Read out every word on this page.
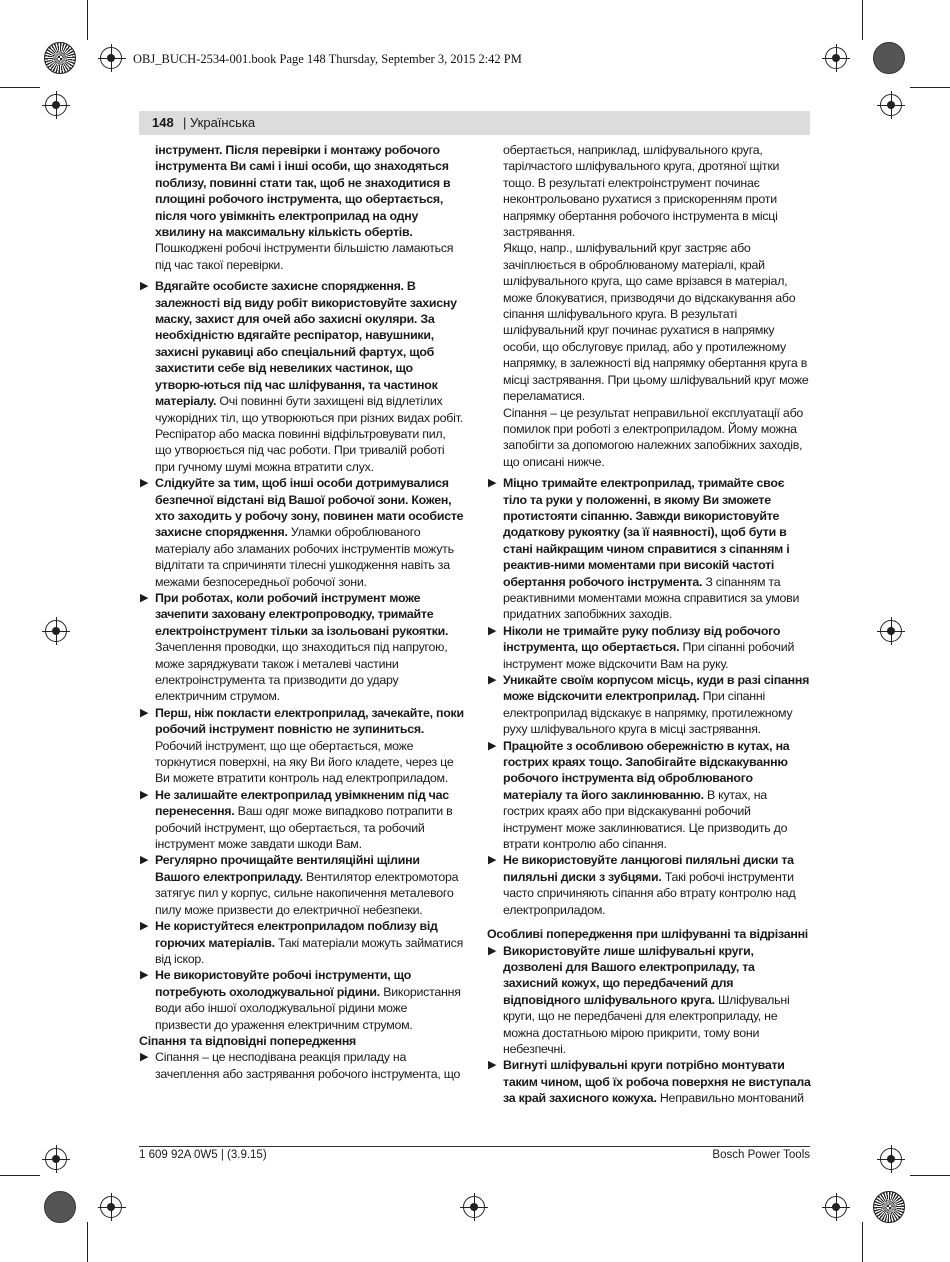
OBJ_BUCH-2534-001.book Page 148 Thursday, September 3, 2015 2:42 PM
148 | Українська

інструмент. Після перевірки і монтажу робочого інструмента Ви самі і інші особи, що знаходяться поблизу, повинні стати так, щоб не знаходитися в площині робочого інструмента, що обертається, після чого увімкніть електроприлад на одну хвилину на максимальну кількість обертів. Пошкоджені робочі інструменти більшістю ламаються під час такої перевірки.

▶ Вдягайте особисте захисне спорядження. В залежності від виду робіт використовуйте захисну маску, захист для очей або захисні окуляри. За необхідністю вдягайте респіратор, навушники, захисні рукавиці або спеціальний фартух, щоб захистити себе від невеликих частинок, що утворю-ються під час шліфування, та частинок матеріалу. Очі повинні бути захищені від відлетілих чужорідних тіл, що утворюються при різних видах робіт. Респіратор або маска повинні відфільтровувати пил, що утворюється під час роботи. При тривалій роботі при гучному шумі можна втратити слух.

▶ Слідкуйте за тим, щоб інші особи дотримувалися безпечної відстані від Вашої робочої зони. Кожен, хто заходить у робочу зону, повинен мати особисте захисне спорядження. Уламки оброблюваного матеріалу або зламаних робочих інструментів можуть відлітати та спричиняти тілесні ушкодження навіть за межами безпосередньої робочої зони.

▶ При роботах, коли робочий інструмент може зачепити заховану електропроводку, тримайте електроінструмент тільки за ізольовані рукоятки. Зачеплення проводки, що знаходиться під напругою, може заряджувати також і металеві частини електроінструмента та призводити до удару електричним струмом.

▶ Перш, ніж покласти електроприлад, зачекайте, поки робочий інструмент повністю не зупиниться. Робочий інструмент, що ще обертається, може торкнутися поверхні, на яку Ви його кладете, через це Ви можете втратити контроль над електроприладом.

▶ Не залишайте електроприлад увімкненим під час перенесення. Ваш одяг може випадково потрапити в робочий інструмент, що обертається, та робочий інструмент може завдати шкоди Вам.

▶ Регулярно прочищайте вентиляційні щілини Вашого електроприладу. Вентилятор електромотора затягує пил у корпус, сильне накопичення металевого пилу може призвести до електричної небезпеки.

▶ Не користуйтеся електроприладом поблизу від горючих матеріалів. Такі матеріали можуть займатися від іскор.

▶ Не використовуйте робочі інструменти, що потребують охолоджувальної рідини. Використання води або іншої охолоджувальної рідини може призвести до ураження електричним струмом.

Сіпання та відповідні попередження

▶ Сіпання – це несподівана реакція приладу на зачеплення або застрявання робочого інструмента, що

обертається, наприклад, шліфувального круга, тарілчастого шліфувального круга, дротяної щітки тощо. В результаті електроінструмент починає неконтрольовано рухатися з прискоренням проти напрямку обертання робочого інструмента в місці застрявання.

Якщо, напр., шліфувальний круг застряє або зачіплюється в оброблюваному матеріалі, край шліфувального круга, що саме врізався в матеріал, може блокуватися, призводячи до відскакування або сіпання шліфувального круга. В результаті шліфувальний круг починає рухатися в напрямку особи, що обслуговує прилад, або у протилежному напрямку, в залежності від напрямку обертання круга в місці застрявання. При цьому шліфувальний круг може переламатися.

Сіпання – це результат неправильної експлуатації або помилок при роботі з електроприладом. Йому можна запобігти за допомогою належних запобіжних заходів, що описані нижче.

▶ Міцно тримайте електроприлад, тримайте своє тіло та руки у положенні, в якому Ви зможете протистояти сіпанню. Завжди використовуйте додаткову рукоятку (за її наявності), щоб бути в стані найкращим чином справитися з сіпанням і реактив-ними моментами при високій частоті обертання робочого інструмента. З сіпанням та реактивними моментами можна справитися за умови придатних запобіжних заходів.

▶ Ніколи не тримайте руку поблизу від робочого інструмента, що обертається. При сіпанні робочий інструмент може відскочити Вам на руку.

▶ Уникайте своїм корпусом місць, куди в разі сіпання може відскочити електроприлад. При сіпанні електроприлад відскакує в напрямку, протилежному руху шліфувального круга в місці застрявання.

▶ Працюйте з особливою обережністю в кутах, на гострих краях тощо. Запобігайте відскакуванню робочого інструмента від оброблюваного матеріалу та його заклинюванню. В кутах, на гострих краях або при відскакуванні робочий інструмент може заклинюватися. Це призводить до втрати контролю або сіпання.

▶ Не використовуйте ланцюгові пиляльні диски та пиляльні диски з зубцями. Такі робочі інструменти часто спричиняють сіпання або втрату контролю над електроприладом.

Особливі попередження при шліфуванні та відрізанні

▶ Використовуйте лише шліфувальні круги, дозволені для Вашого електроприладу, та захисний кожух, що передбачений для відповідного шліфувального круга. Шліфувальні круги, що не передбачені для електроприладу, не можна достатньою мірою прикрити, тому вони небезпечні.

▶ Вигнуті шліфувальні круги потрібно монтувати таким чином, щоб їх робоча поверхня не виступала за край захисного кожуха. Неправильно монтований

1 609 92A 0W5 | (3.9.15)	Bosch Power Tools
